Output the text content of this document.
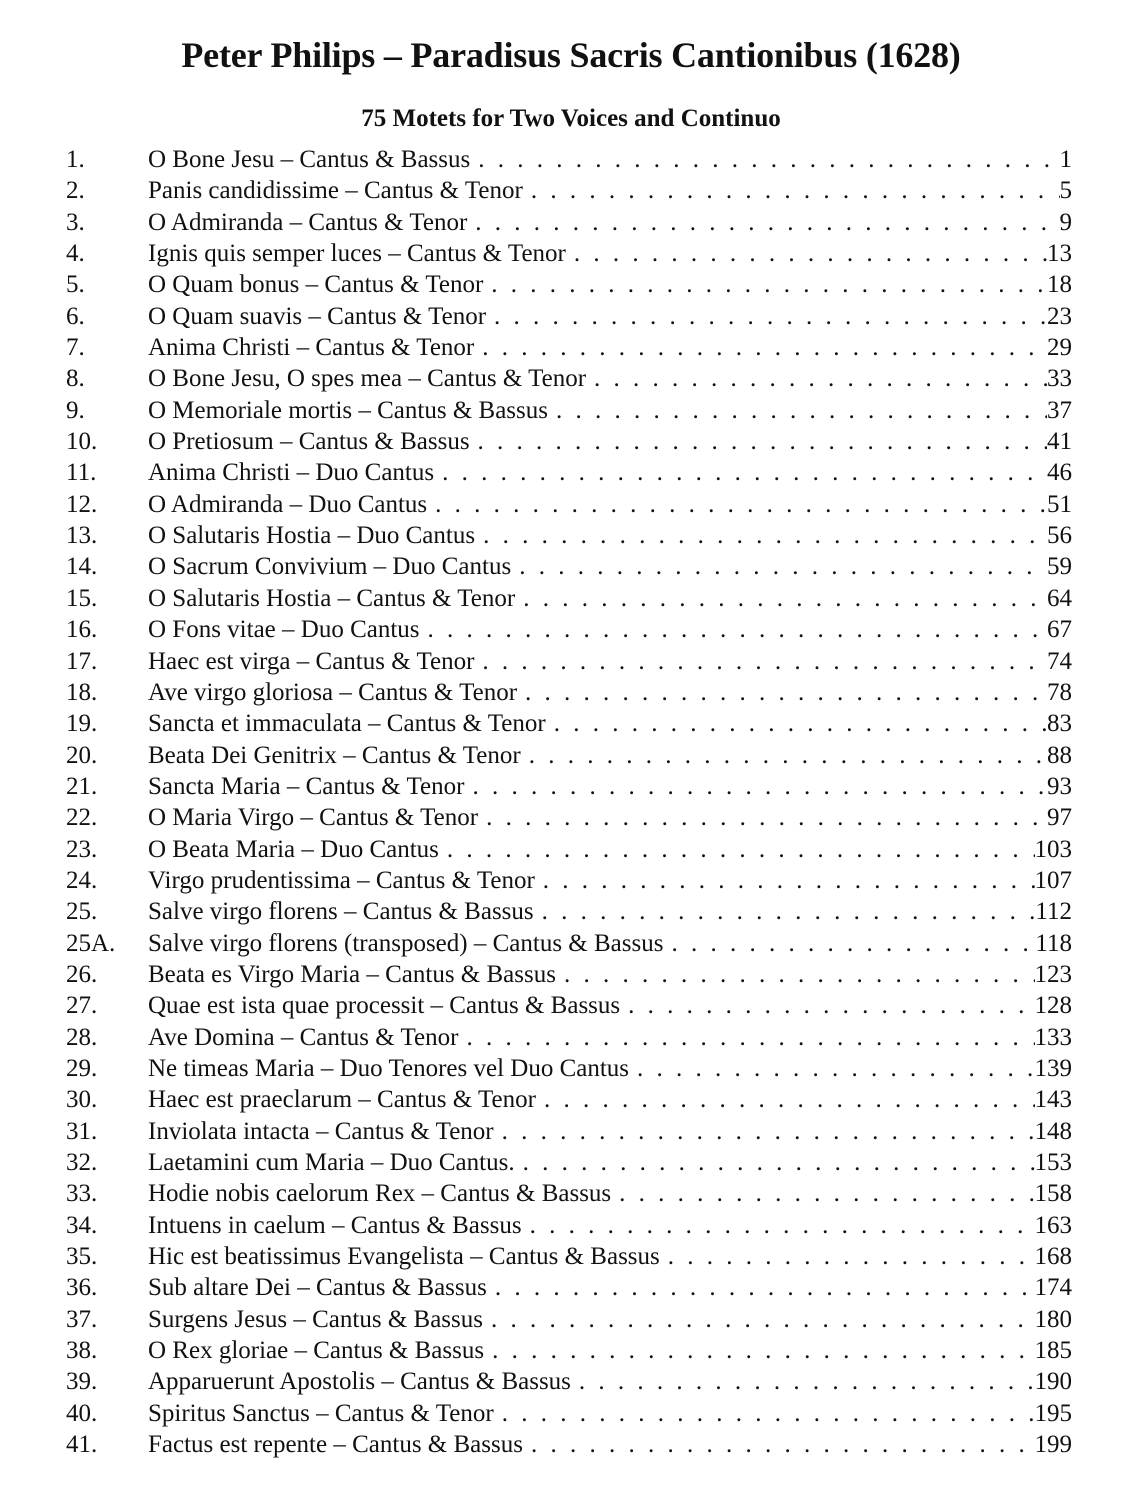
Peter Philips – Paradisus Sacris Cantionibus (1628)
75 Motets for Two Voices and Continuo
1.	O Bone Jesu – Cantus & Bassus . . .	1
2.	Panis candidissime – Cantus & Tenor . . .	5
3.	O Admiranda – Cantus & Tenor . . .	9
4.	Ignis quis semper luces – Cantus & Tenor . . .	13
5.	O Quam bonus – Cantus & Tenor . . .	18
6.	O Quam suavis – Cantus & Tenor . . .	23
7.	Anima Christi – Cantus & Tenor . . .	29
8.	O Bone Jesu, O spes mea – Cantus & Tenor . . .	33
9.	O Memoriale mortis – Cantus & Bassus . . .	37
10. O Pretiosum – Cantus & Bassus . . .	41
11. Anima Christi – Duo Cantus . . .	46
12. O Admiranda – Duo Cantus . . .	51
13. O Salutaris Hostia – Duo Cantus . . .	56
14. O Sacrum Convivium – Duo Cantus . . .	59
15. O Salutaris Hostia – Cantus & Tenor . . .	64
16. O Fons vitae – Duo Cantus . . .	67
17. Haec est virga – Cantus & Tenor . . .	74
18. Ave virgo gloriosa – Cantus & Tenor . . .	78
19. Sancta et immaculata – Cantus & Tenor . . .	83
20. Beata Dei Genitrix – Cantus & Tenor . . .	88
21. Sancta Maria – Cantus & Tenor . . .	93
22. O Maria Virgo – Cantus & Tenor . . .	97
23. O Beata Maria – Duo Cantus . . .	103
24. Virgo prudentissima – Cantus & Tenor . . .	107
25. Salve virgo florens – Cantus & Bassus . . .	112
25A. Salve virgo florens (transposed) – Cantus & Bassus . . .	118
26. Beata es Virgo Maria – Cantus & Bassus . . .	123
27. Quae est ista quae processit – Cantus & Bassus . . .	128
28. Ave Domina – Cantus & Tenor . . .	133
29. Ne timeas Maria – Duo Tenores vel Duo Cantus . . .	139
30. Haec est praeclarum – Cantus & Tenor . . .	143
31. Inviolata intacta – Cantus & Tenor . . .	148
32. Laetamini cum Maria – Duo Cantus. . . .	153
33. Hodie nobis caelorum Rex – Cantus & Bassus . . .	158
34. Intuens in caelum – Cantus & Bassus . . .	163
35. Hic est beatissimus Evangelista – Cantus & Bassus . . .	168
36. Sub altare Dei – Cantus & Bassus . . .	174
37. Surgens Jesus – Cantus & Bassus . . .	180
38. O Rex gloriae – Cantus & Bassus . . .	185
39. Apparuerunt Apostolis – Cantus & Bassus . . .	190
40. Spiritus Sanctus – Cantus & Tenor . . .	195
41. Factus est repente – Cantus & Bassus . . .	199
